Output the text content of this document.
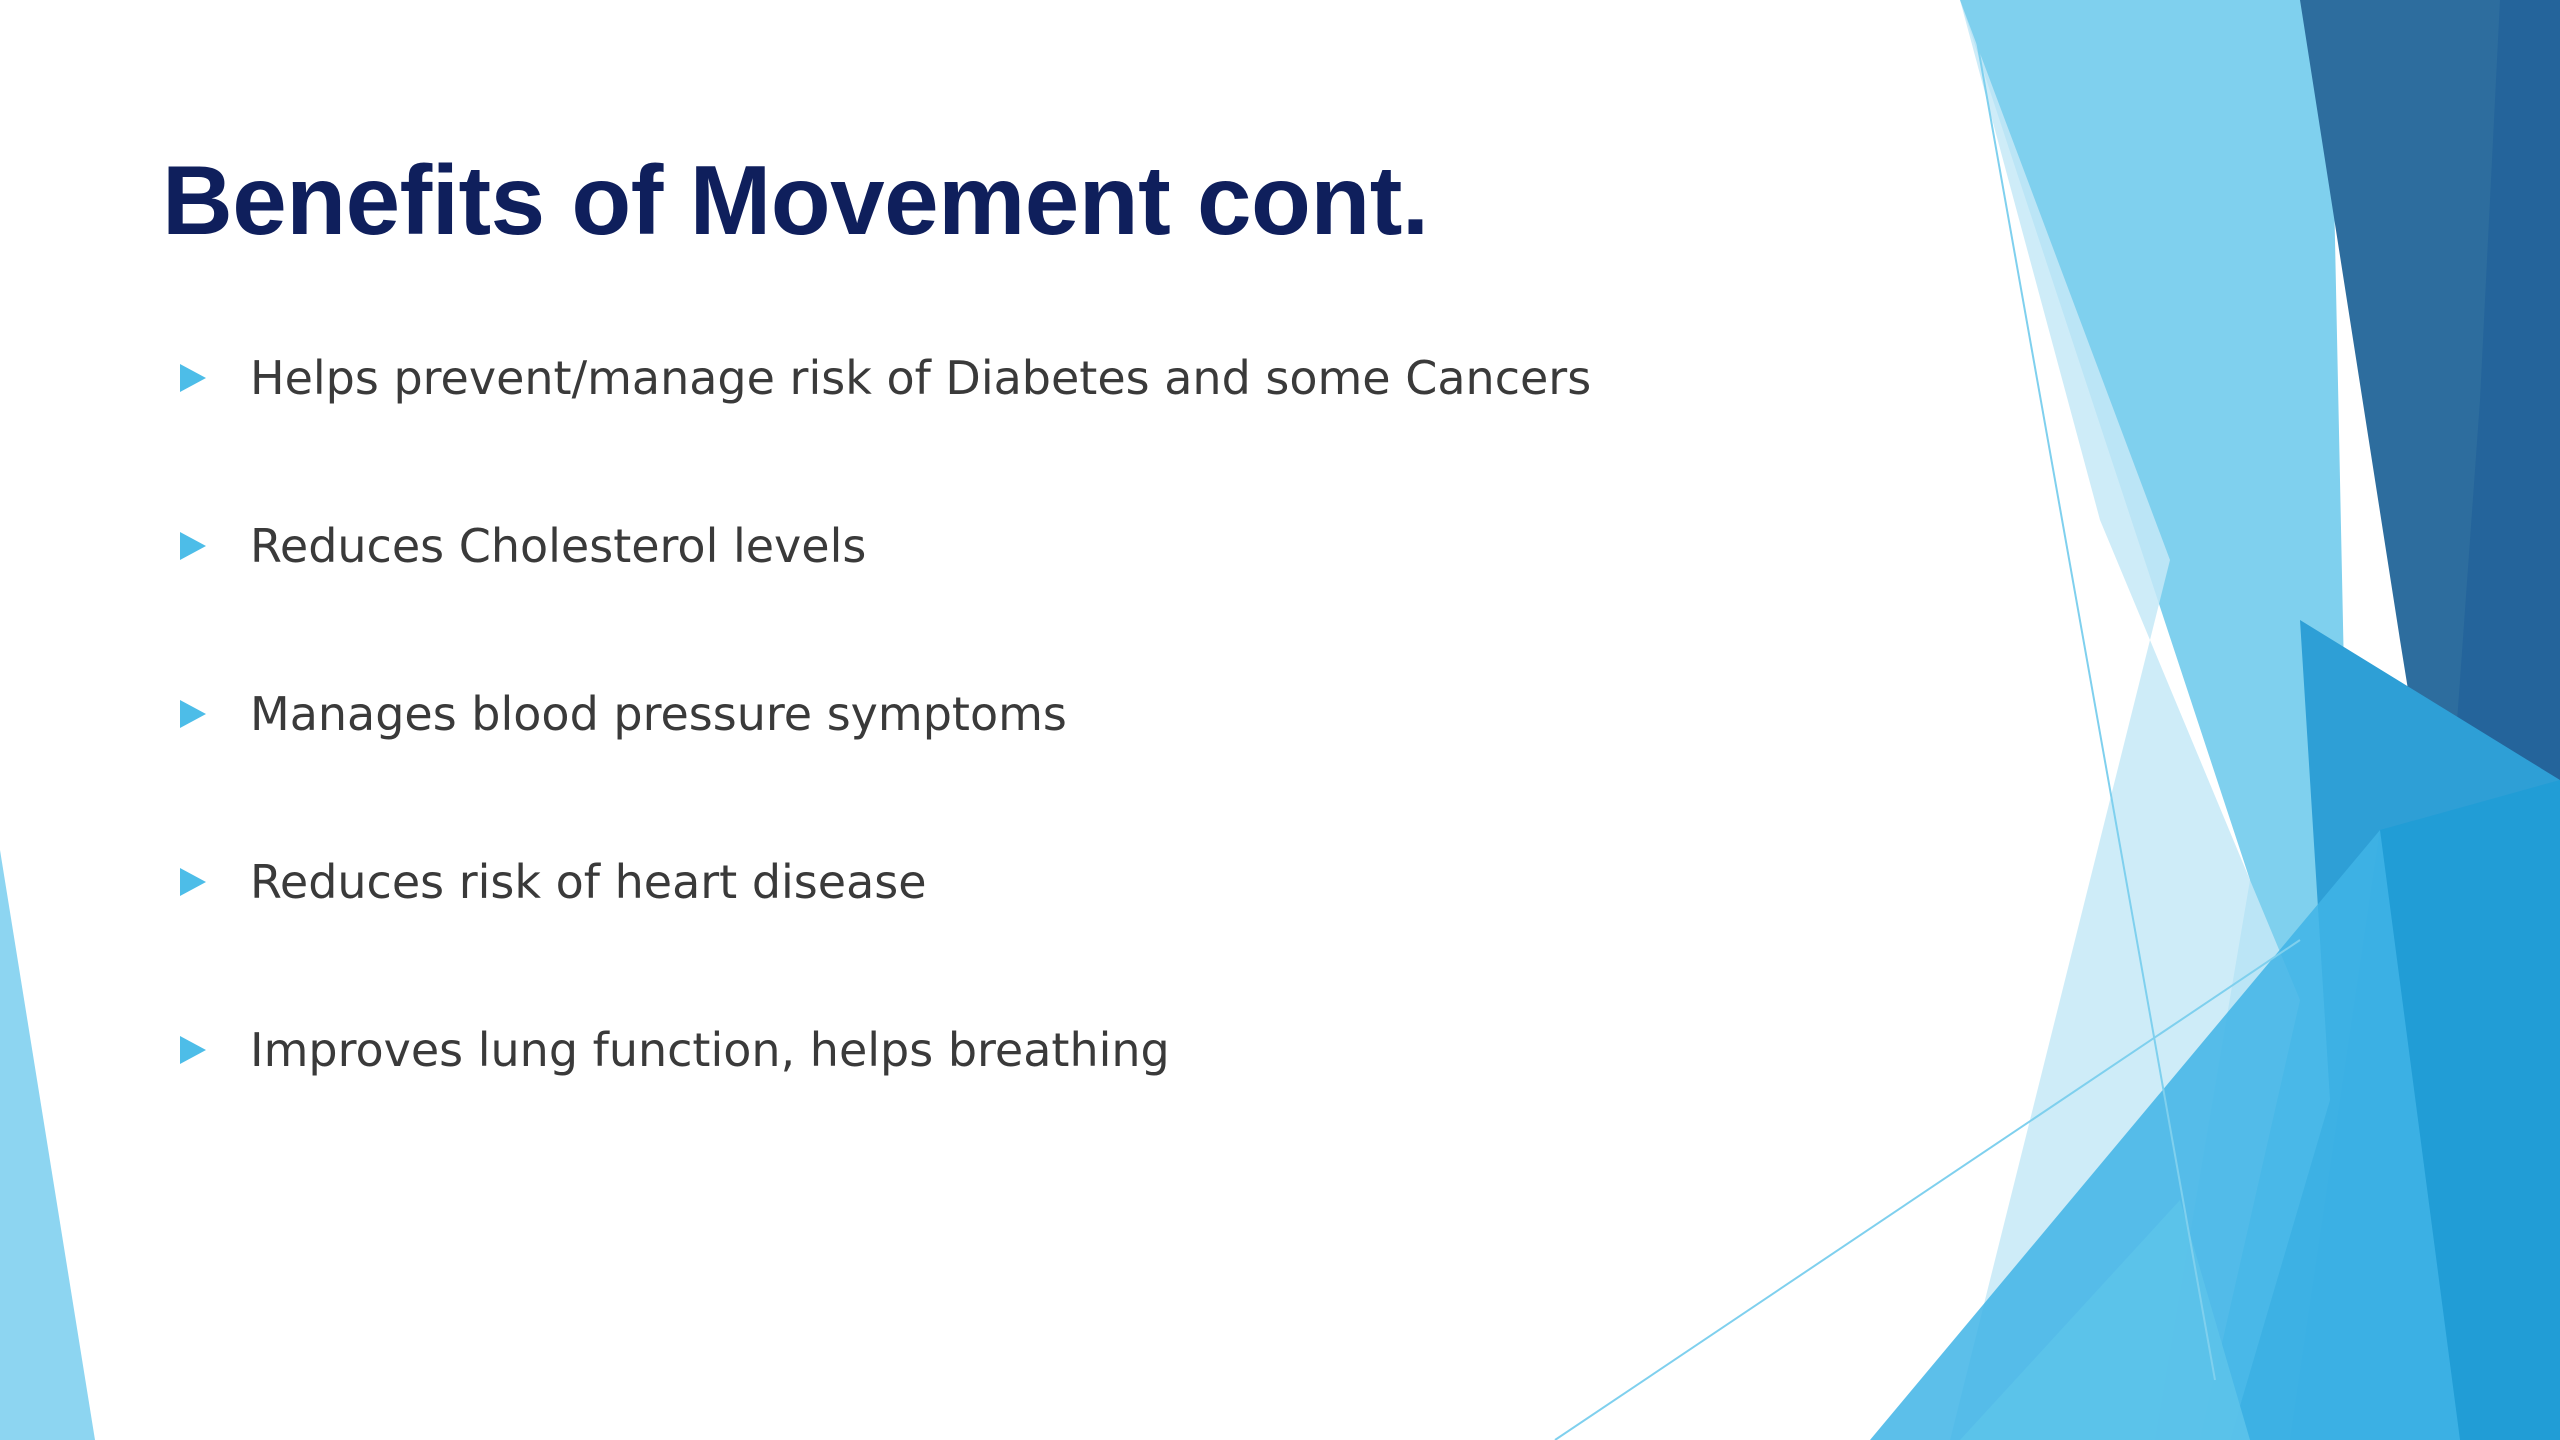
Benefits of Movement cont.
Helps prevent/manage risk of Diabetes and some Cancers
Reduces Cholesterol levels
Manages blood pressure symptoms
Reduces risk of heart disease
Improves lung function, helps breathing
